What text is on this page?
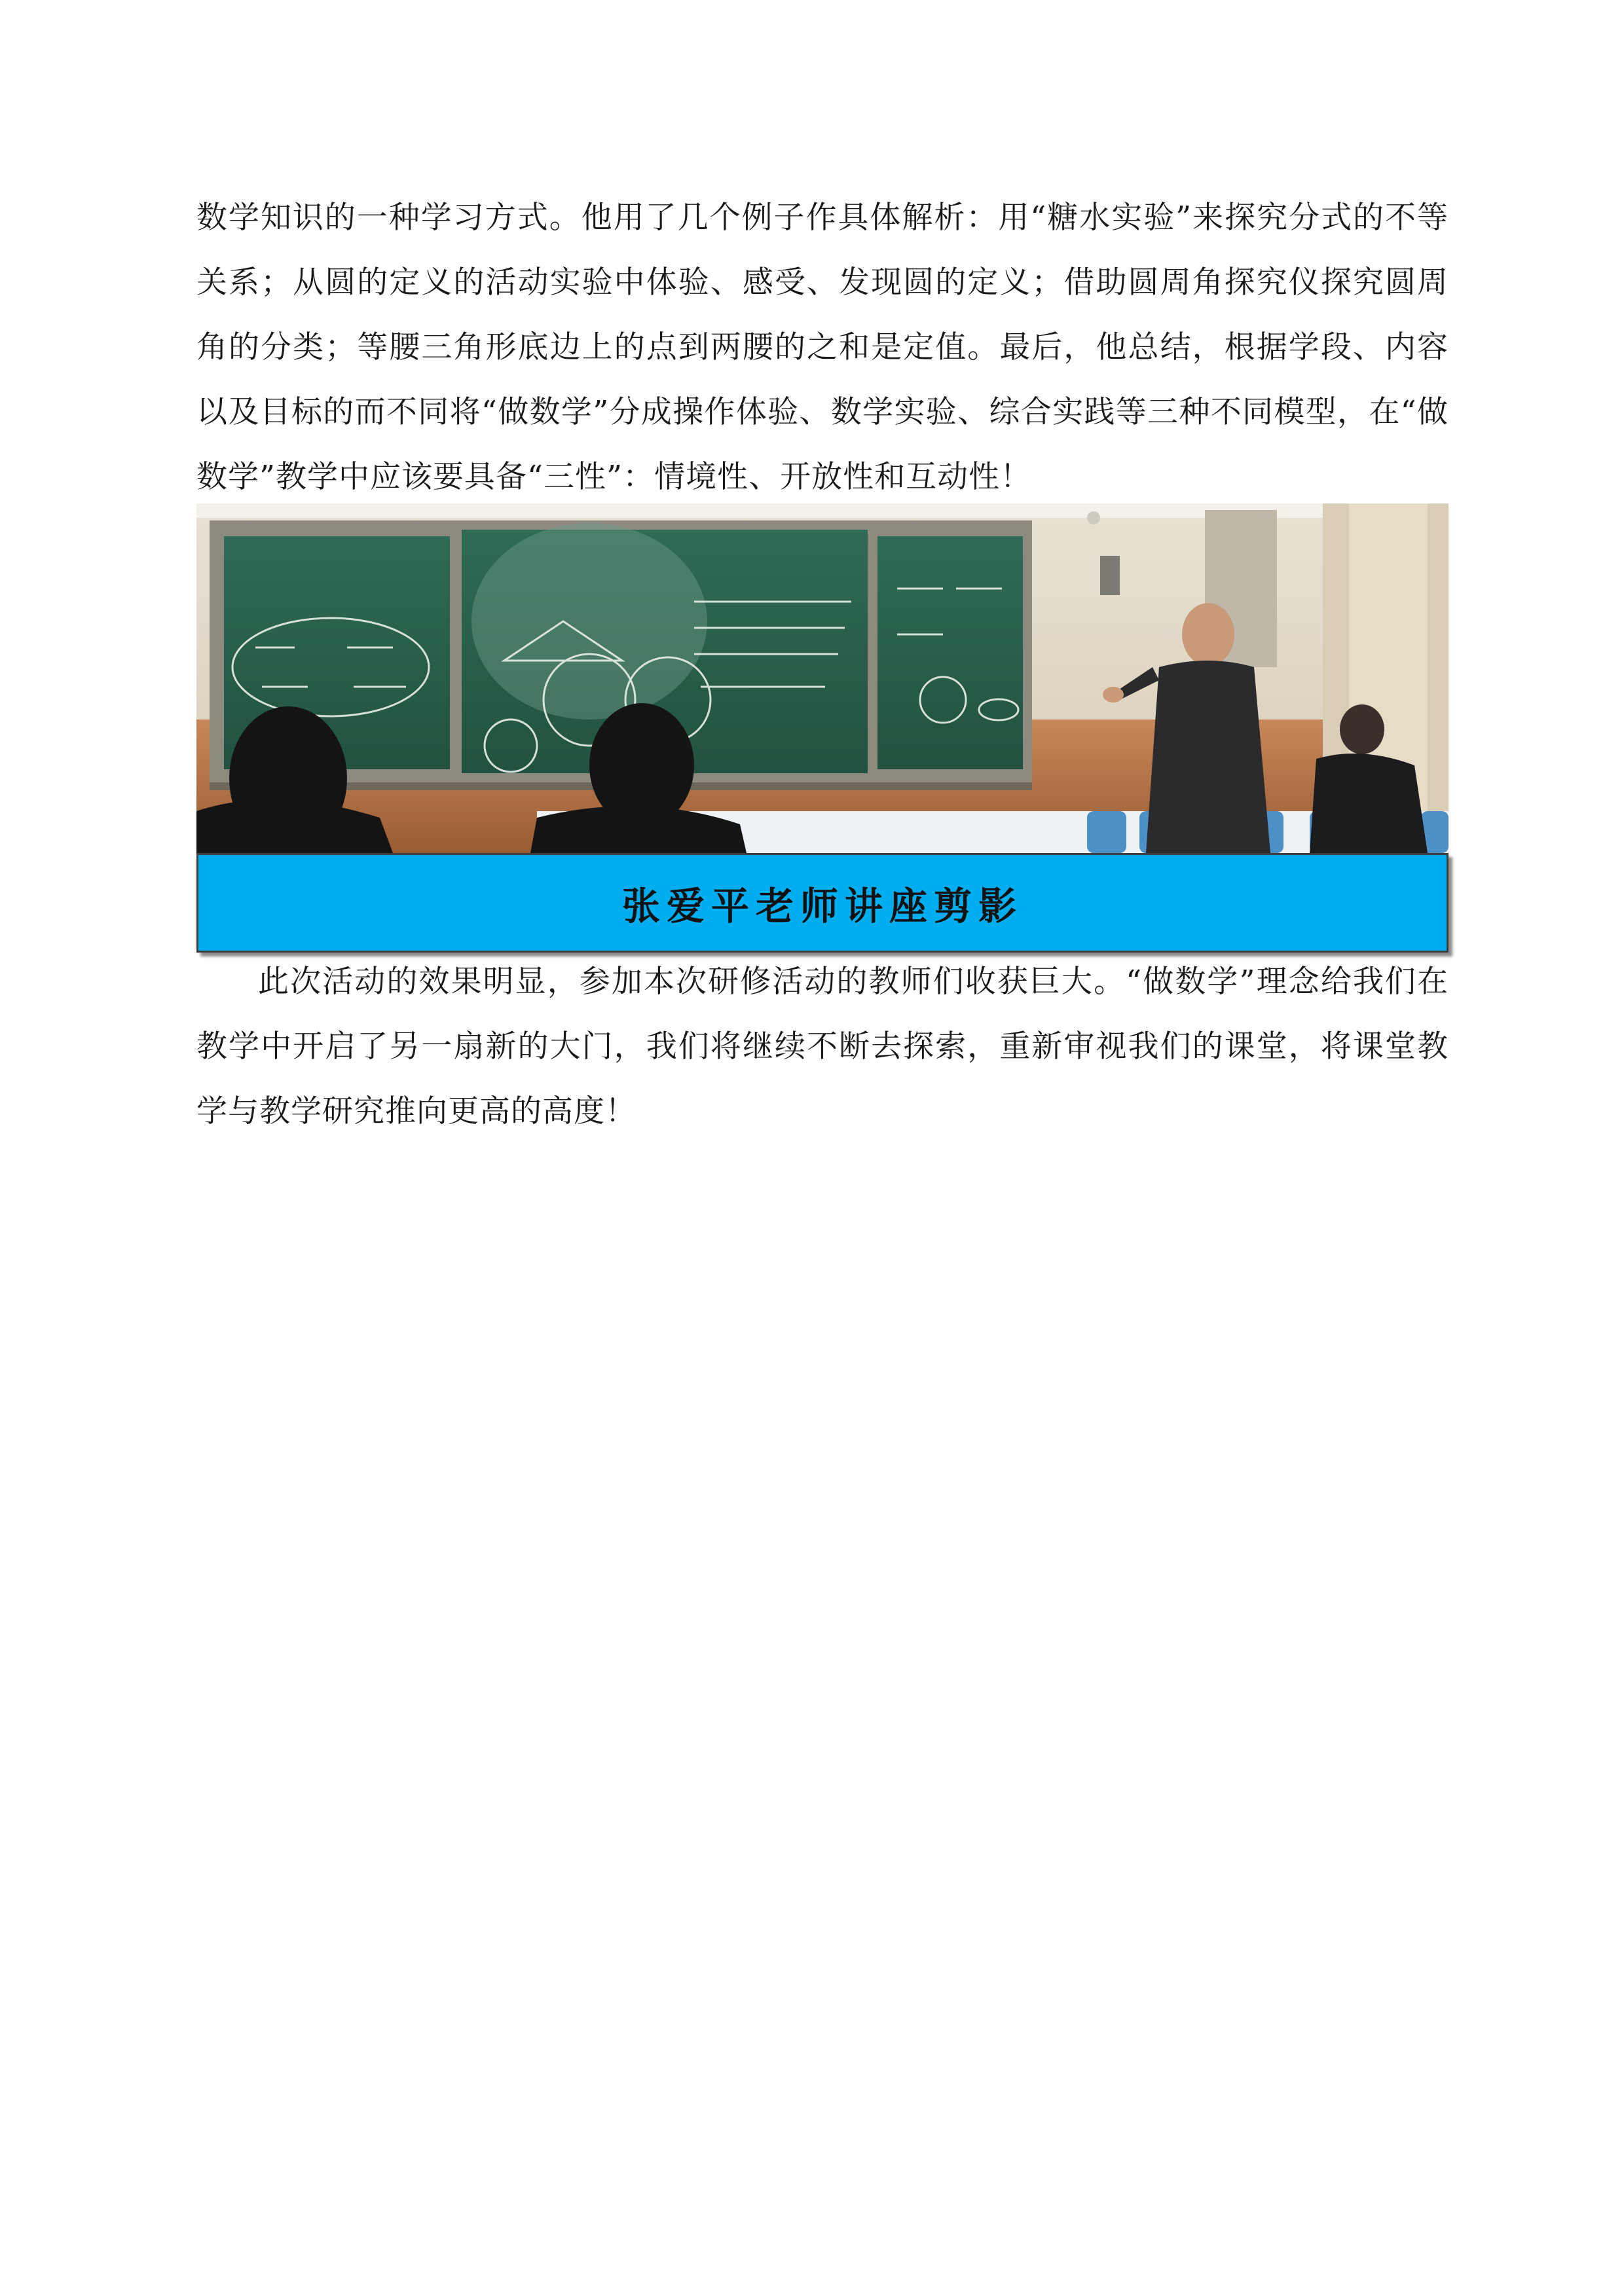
数学知识的一种学习方式。他用了几个例子作具体解析：用“糖水实验”来探究分式的不等关系；从圆的定义的活动实验中体验、感受、发现圆的定义；借助圆周角探究仪探究圆周角的分类；等腰三角形底边上的点到两腰的之和是定值。最后，他总结，根据学段、内容以及目标的而不同将“做数学”分成操作体验、数学实验、综合实践等三种不同模型，在“做数学”教学中应该要具备“三性”：情境性、开放性和互动性！

张爱平老师讲座剪影

此次活动的效果明显，参加本次研修活动的教师们收获巨大。“做数学”理念给我们在教学中开启了另一扇新的大门，我们将继续不断去探索，重新审视我们的课堂，将课堂教学与教学研究推向更高的高度！
